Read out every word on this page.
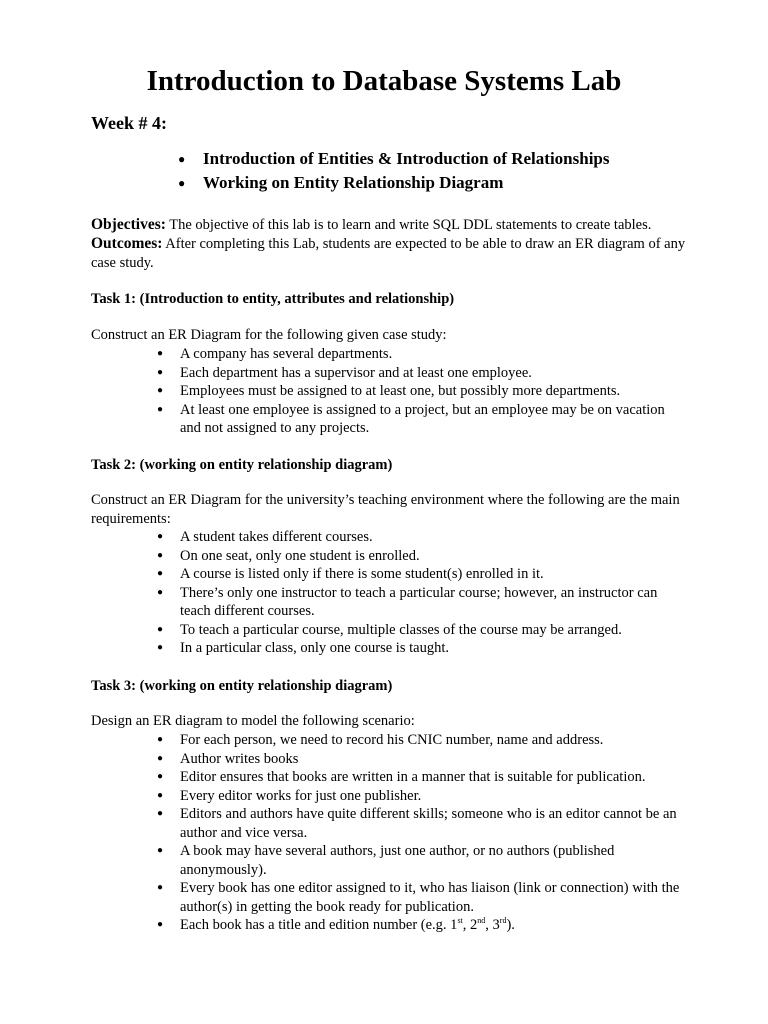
Introduction to Database Systems Lab
Week # 4:
● Introduction of Entities & Introduction of Relationships
● Working on Entity Relationship Diagram
Objectives: The objective of this lab is to learn and write SQL DDL statements to create tables.
Outcomes: After completing this Lab, students are expected to be able to draw an ER diagram of any case study.
Task 1: (Introduction to entity, attributes and relationship)
Construct an ER Diagram for the following given case study:
● A company has several departments.
● Each department has a supervisor and at least one employee.
● Employees must be assigned to at least one, but possibly more departments.
● At least one employee is assigned to a project, but an employee may be on vacation and not assigned to any projects.
Task 2: (working on entity relationship diagram)
Construct an ER Diagram for the university’s teaching environment where the following are the main requirements:
● A student takes different courses.
● On one seat, only one student is enrolled.
● A course is listed only if there is some student(s) enrolled in it.
● There’s only one instructor to teach a particular course; however, an instructor can teach different courses.
● To teach a particular course, multiple classes of the course may be arranged.
● In a particular class, only one course is taught.
Task 3: (working on entity relationship diagram)
Design an ER diagram to model the following scenario:
● For each person, we need to record his CNIC number, name and address.
● Author writes books
● Editor ensures that books are written in a manner that is suitable for publication.
● Every editor works for just one publisher.
● Editors and authors have quite different skills; someone who is an editor cannot be an author and vice versa.
● A book may have several authors, just one author, or no authors (published anonymously).
● Every book has one editor assigned to it, who has liaison (link or connection) with the author(s) in getting the book ready for publication.
● Each book has a title and edition number (e.g. 1st, 2nd, 3rd).
